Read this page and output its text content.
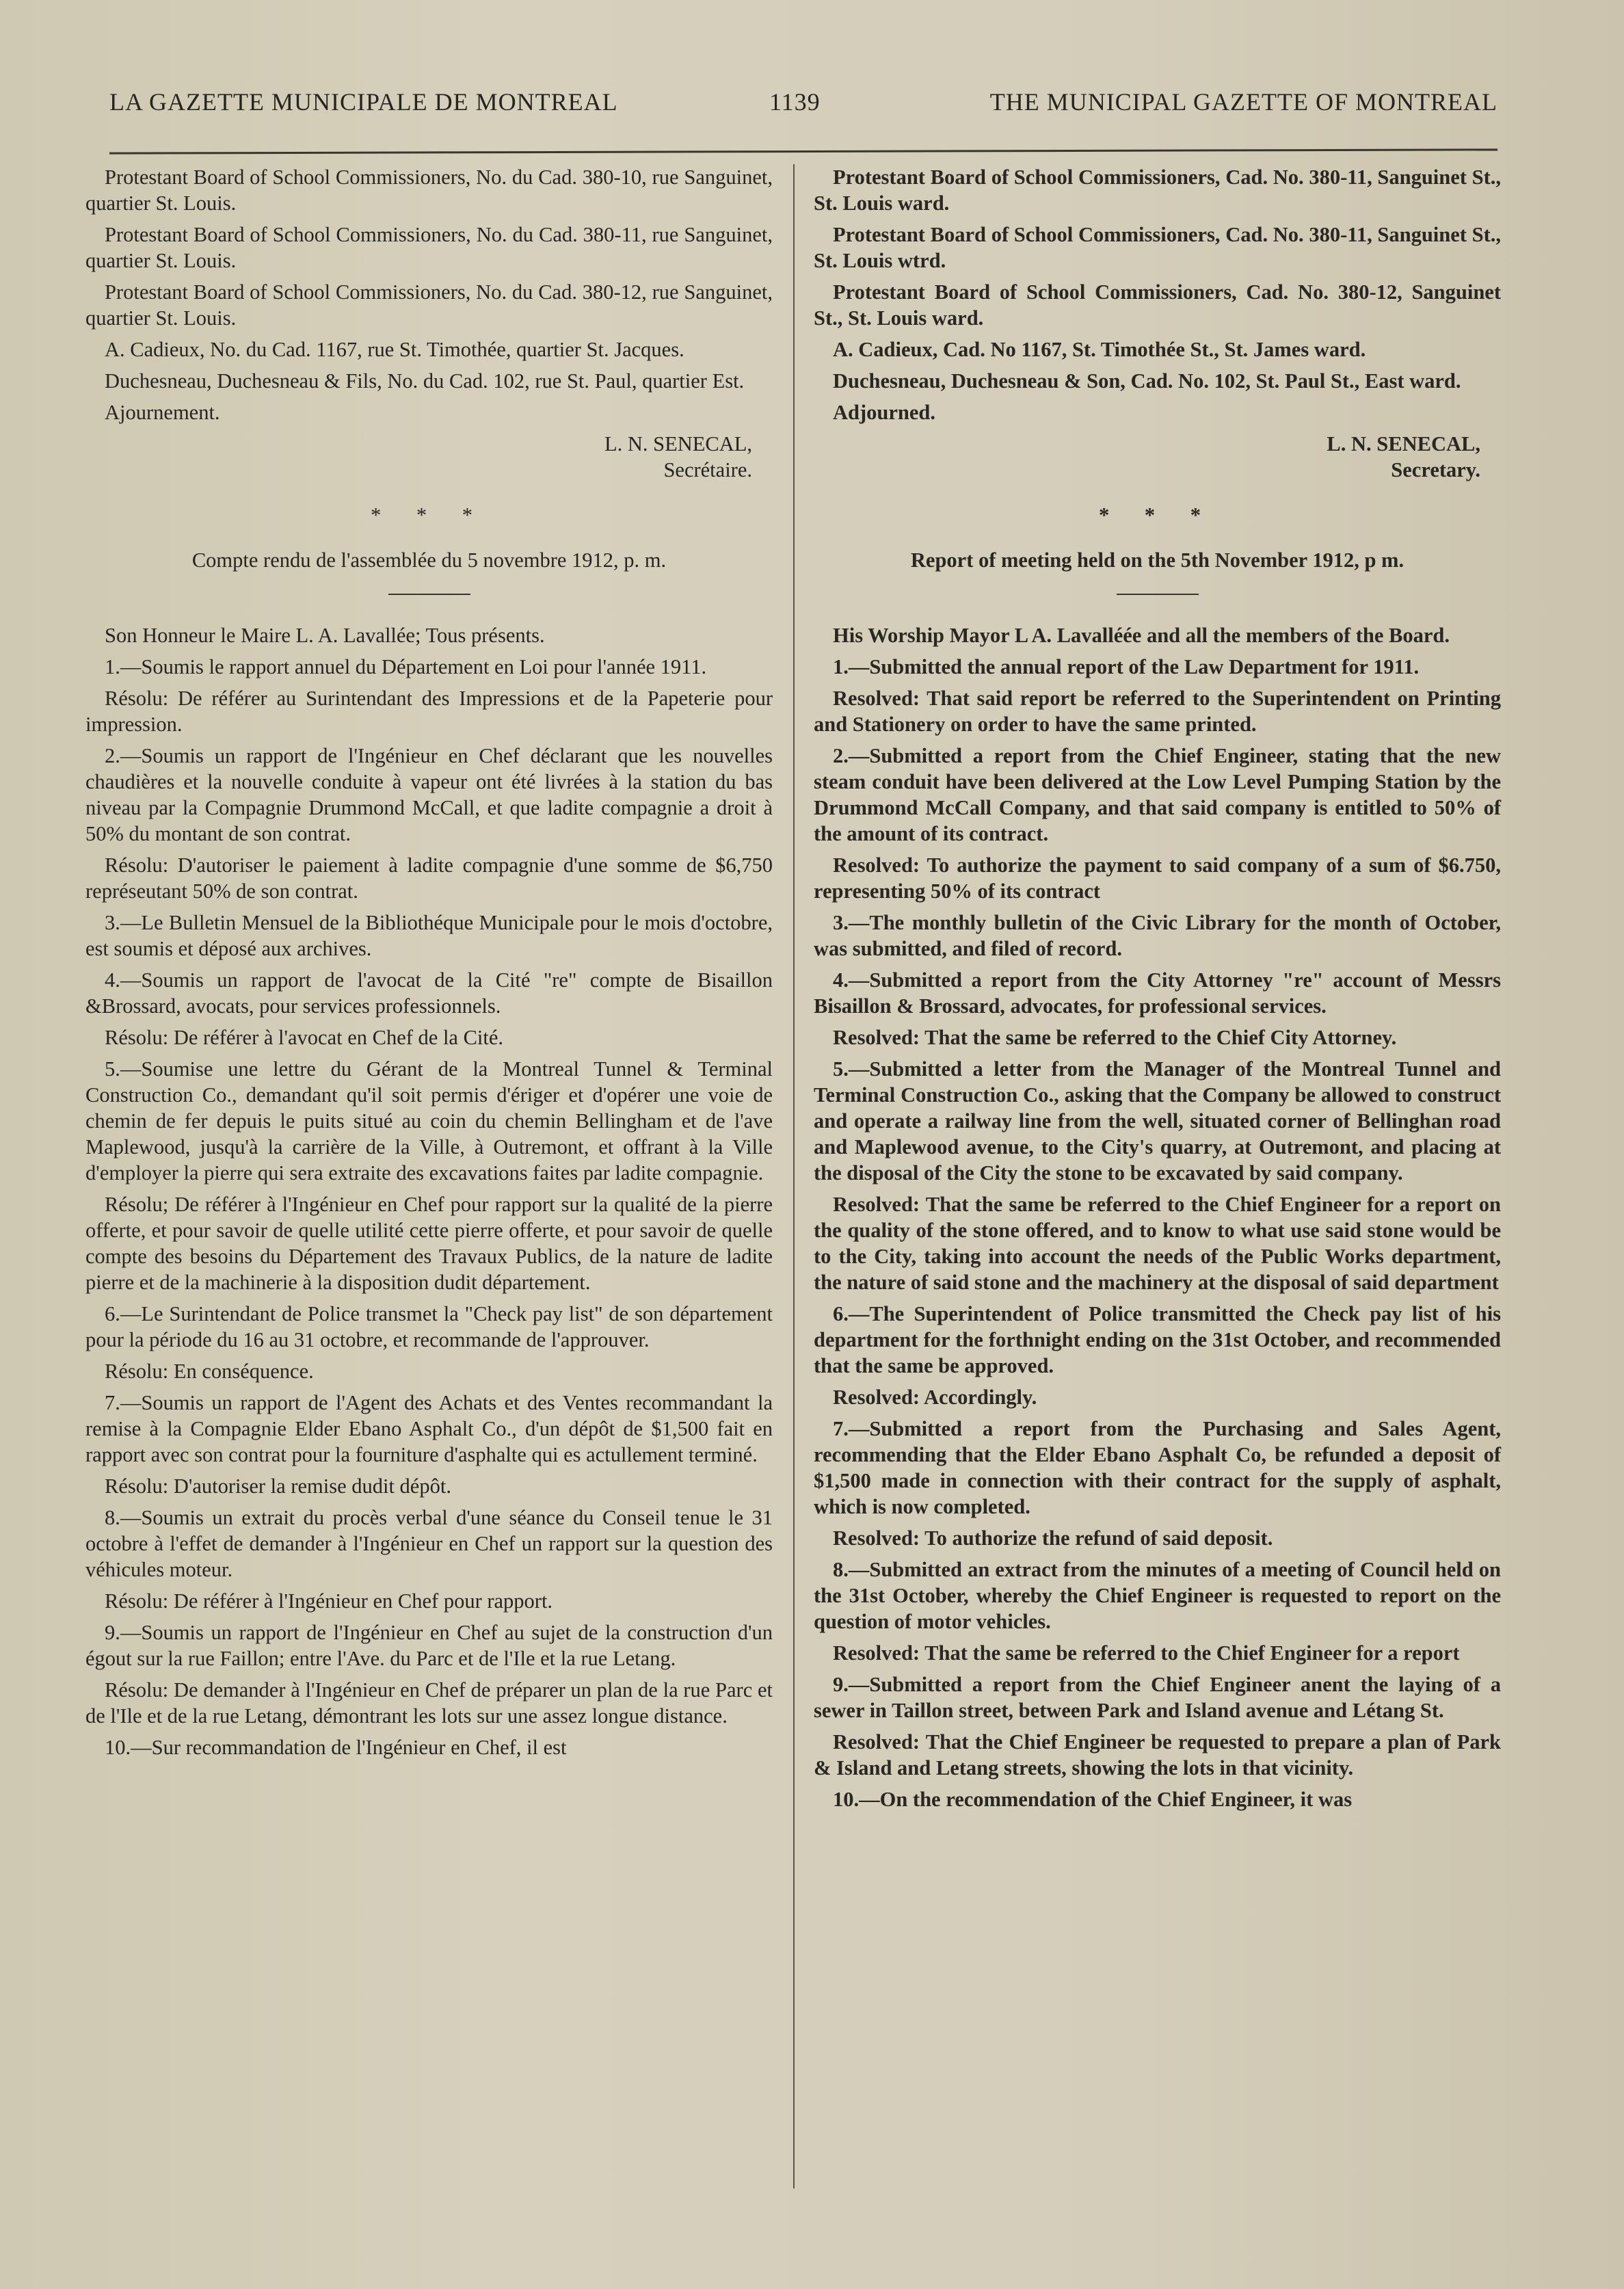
LA GAZETTE MUNICIPALE DE MONTREAL	1139	THE MUNICIPAL GAZETTE OF MONTREAL

Protestant Board of School Commissioners, No. du Cad. 380-10, rue Sanguinet, quartier St. Louis.

Protestant Board of School Commissioners, No. du Cad. 380-11, rue Sanguinet, quartier St. Louis.

Protestant Board of School Commissioners, No. du Cad. 380-12, rue Sanguinet, quartier St. Louis.

A. Cadieux, No. du Cad. 1167, rue St. Timothée, quartier St. Jacques.

Duchesneau, Duchesneau & Fils, No. du Cad. 102, rue St. Paul, quartier Est.

Ajournement.

L. N. SENECAL,

Secrétaire.

* * *

Compte rendu de l'assemblée du 5 novembre 1912, p. m.

Son Honneur le Maire L. A. Lavallée; Tous présents.

1.—Soumis le rapport annuel du Département en Loi pour l'année 1911.

Résolu: De référer au Surintendant des Impressions et de la Papeterie pour impression.

2.—Soumis un rapport de l'Ingénieur en Chef déclarant que les nouvelles chaudières et la nouvelle conduite à vapeur ont été livrées à la station du bas niveau par la Compagnie Drummond McCall, et que ladite compagnie a droit à 50% du montant de son contrat.

Résolu: D'autoriser le paiement à ladite compagnie d'une somme de $6,750 représeutant 50% de son contrat.

3.—Le Bulletin Mensuel de la Bibliothéque Municipale pour le mois d'octobre, est soumis et déposé aux archives.

4.—Soumis un rapport de l'avocat de la Cité "re" compte de Bisaillon &Brossard, avocats, pour services professionnels.

Résolu: De référer à l'avocat en Chef de la Cité.

5.—Soumise une lettre du Gérant de la Montreal Tunnel & Terminal Construction Co., demandant qu'il soit permis d'ériger et d'opérer une voie de chemin de fer depuis le puits situé au coin du chemin Bellingham et de l'ave Maplewood, jusqu'à la carrière de la Ville, à Outremont, et offrant à la Ville d'employer la pierre qui sera extraite des excavations faites par ladite compagnie.

Résolu; De référer à l'Ingénieur en Chef pour rapport sur la qualité de la pierre offerte, et pour savoir de quelle utilité cette pierre offerte, et pour savoir de quelle compte des besoins du Département des Travaux Publics, de la nature de ladite pierre et de la machinerie à la disposition dudit département.

6.—Le Surintendant de Police transmet la "Check pay list" de son département pour la période du 16 au 31 octobre, et recommande de l'approuver.

Résolu: En conséquence.

7.—Soumis un rapport de l'Agent des Achats et des Ventes recommandant la remise à la Compagnie Elder Ebano Asphalt Co., d'un dépôt de $1,500 fait en rapport avec son contrat pour la fourniture d'asphalte qui es actullement terminé.

Résolu: D'autoriser la remise dudit dépôt.

8.—Soumis un extrait du procès verbal d'une séance du Conseil tenue le 31 octobre à l'effet de demander à l'Ingénieur en Chef un rapport sur la question des véhicules moteur.

Résolu: De référer à l'Ingénieur en Chef pour rapport.

9.—Soumis un rapport de l'Ingénieur en Chef au sujet de la construction d'un égout sur la rue Faillon; entre l'Ave. du Parc et de l'Ile et la rue Letang.

Résolu: De demander à l'Ingénieur en Chef de préparer un plan de la rue Parc et de l'Ile et de la rue Letang, démontrant les lots sur une assez longue distance.

10.—Sur recommandation de l'Ingénieur en Chef, il est

Protestant Board of School Commissioners, Cad. No. 380-11, Sanguinet St., St. Louis ward.

Protestant Board of School Commissioners, Cad. No. 380-11, Sanguinet St., St. Louis wtrd.

Protestant Board of School Commissioners, Cad. No. 380-12, Sanguinet St., St. Louis ward.

A. Cadieux, Cad. No 1167, St. Timothée St., St. James ward.

Duchesneau, Duchesneau & Son, Cad. No. 102, St. Paul St., East ward.

Adjourned.

L. N. SENECAL,

Secretary.

* * *

Report of meeting held on the 5th November 1912, p m.

His Worship Mayor L A. Lavalléée and all the members of the Board.

1.—Submitted the annual report of the Law Department for 1911.

Resolved: That said report be referred to the Superintendent on Printing and Stationery on order to have the same printed.

2.—Submitted a report from the Chief Engineer, stating that the new steam conduit have been delivered at the Low Level Pumping Station by the Drummond McCall Company, and that said company is entitled to 50% of the amount of its contract.

Resolved: To authorize the payment to said company of a sum of $6.750, representing 50% of its contract

3.—The monthly bulletin of the Civic Library for the month of October, was submitted, and filed of record.

4.—Submitted a report from the City Attorney "re" account of Messrs Bisaillon & Brossard, advocates, for professional services.

Resolved: That the same be referred to the Chief City Attorney.

5.—Submitted a letter from the Manager of the Montreal Tunnel and Terminal Construction Co., asking that the Company be allowed to construct and operate a railway line from the well, situated corner of Bellinghan road and Maplewood avenue, to the City's quarry, at Outremont, and placing at the disposal of the City the stone to be excavated by said company.

Resolved: That the same be referred to the Chief Engineer for a report on the quality of the stone offered, and to know to what use said stone would be to the City, taking into account the needs of the Public Works department, the nature of said stone and the machinery at the disposal of said department

6.—The Superintendent of Police transmitted the Check pay list of his department for the forthnight ending on the 31st October, and recommended that the same be approved.

Resolved: Accordingly.

7.—Submitted a report from the Purchasing and Sales Agent, recommending that the Elder Ebano Asphalt Co, be refunded a deposit of $1,500 made in connection with their contract for the supply of asphalt, which is now completed.

Resolved: To authorize the refund of said deposit.

8.—Submitted an extract from the minutes of a meeting of Council held on the 31st October, whereby the Chief Engineer is requested to report on the question of motor vehicles.

Resolved: That the same be referred to the Chief Engineer for a report

9.—Submitted a report from the Chief Engineer anent the laying of a sewer in Taillon street, between Park and Island avenue and Létang St.

Resolved: That the Chief Engineer be requested to prepare a plan of Park & Island and Letang streets, showing the lots in that vicinity.

10.—On the recommendation of the Chief Engineer, it was
